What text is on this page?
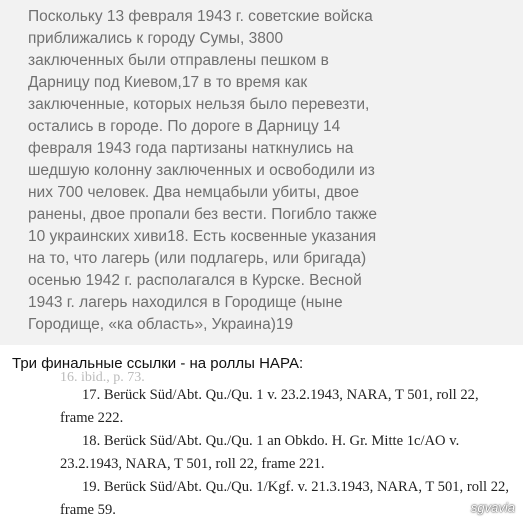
Поскольку 13 февраля 1943 г. советские войска
приближались к городу Сумы, 3800
заключенных были отправлены пешком в
Дарницу под Киевом,17 в то время как
заключенные, которых нельзя было перевезти,
остались в городе. По дороге в Дарницу 14
февраля 1943 года партизаны наткнулись на
шедшую колонну заключенных и освободили из
них 700 человек. Два немцабыли убиты, двое
ранены, двое пропали без вести. Погибло также
10 украинских хиви18. Есть косвенные указания
на то, что лагерь (или подлагерь, или бригада)
осенью 1942 г. располагался в Курске. Весной
1943 г. лагерь находился в Городище (ныне
Городище, «ка область», Украина)19

Три финальные ссылки - на роллы НАРА:

16. ibid., p. 73.

17. Berück Süd/Abt. Qu./Qu. 1 v. 23.2.1943, NARA, T 501, roll 22,
frame 222.
18. Berück Süd/Abt. Qu./Qu. 1 an Obkdo. H. Gr. Mitte 1c/AO v.
23.2.1943, NARA, T 501, roll 22, frame 221.
19. Berück Süd/Abt. Qu./Qu. 1/Kgf. v. 21.3.1943, NARA, T 501, roll 22,
frame 59.	sgvavia
